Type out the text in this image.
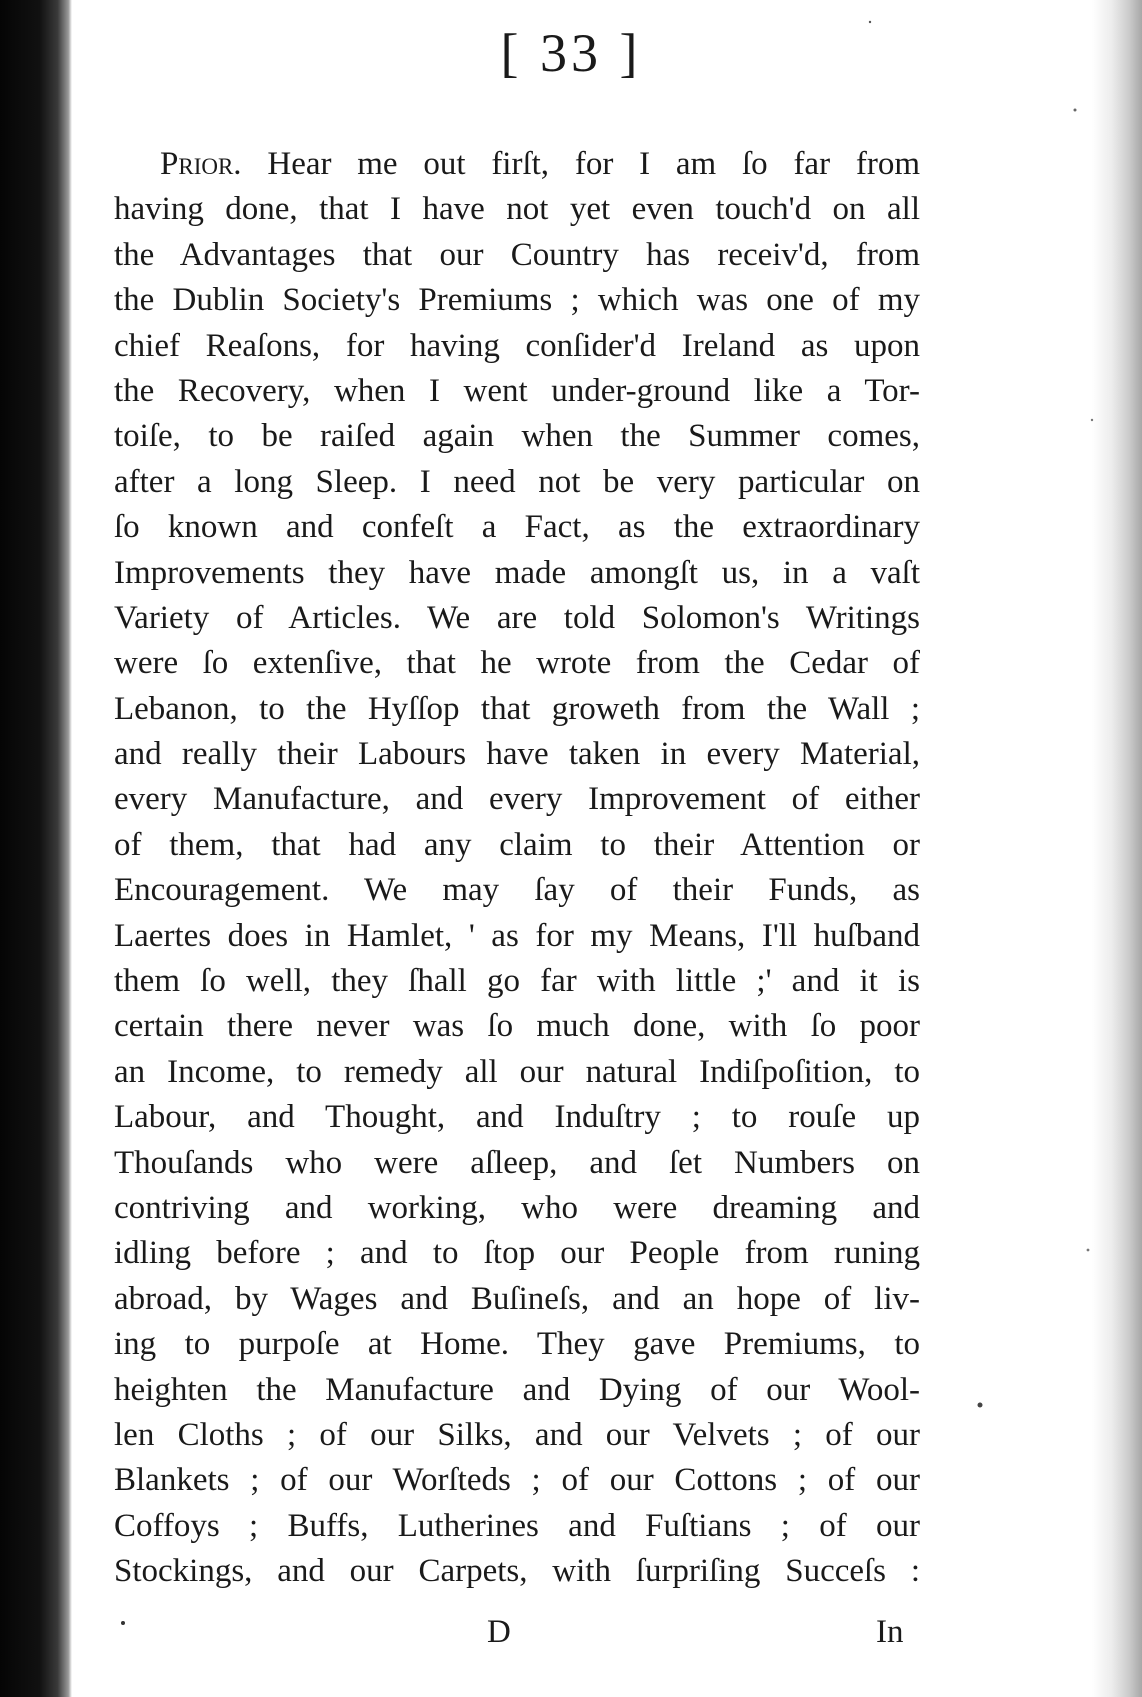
[ 33 ]
Prior. Hear me out firſt, for I am ſo far from
having done, that I have not yet even touch'd on all
the Advantages that our Country has receiv'd, from
the Dublin Society's Premiums ; which was one of my
chief Reaſons, for having conſider'd Ireland as upon
the Recovery, when I went under-ground like a Tor-
toiſe, to be raiſed again when the Summer comes,
after a long Sleep. I need not be very particular on
ſo known and confeſt a Fact, as the extraordinary
Improvements they have made amongſt us, in a vaſt
Variety of Articles. We are told Solomon's Writings
were ſo extenſive, that he wrote from the Cedar of
Lebanon, to the Hyſſop that groweth from the Wall ;
and really their Labours have taken in every Material,
every Manufacture, and every Improvement of either
of them, that had any claim to their Attention or
Encouragement. We may ſay of their Funds, as
Laertes does in Hamlet, ' as for my Means, I'll huſband
them ſo well, they ſhall go far with little ;' and it is
certain there never was ſo much done, with ſo poor
an Income, to remedy all our natural Indiſpoſition, to
Labour, and Thought, and Induſtry ; to rouſe up
Thouſands who were aſleep, and ſet Numbers on
contriving and working, who were dreaming and
idling before ; and to ſtop our People from runing
abroad, by Wages and Buſineſs, and an hope of liv-
ing to purpoſe at Home. They gave Premiums, to
heighten the Manufacture and Dying of our Wool-
len Cloths ; of our Silks, and our Velvets ; of our
Blankets ; of our Worſteds ; of our Cottons ; of our
Coffoys ; Buffs, Lutherines and Fuſtians ; of our
Stockings, and our Carpets, with ſurpriſing Succeſs :
D	In
